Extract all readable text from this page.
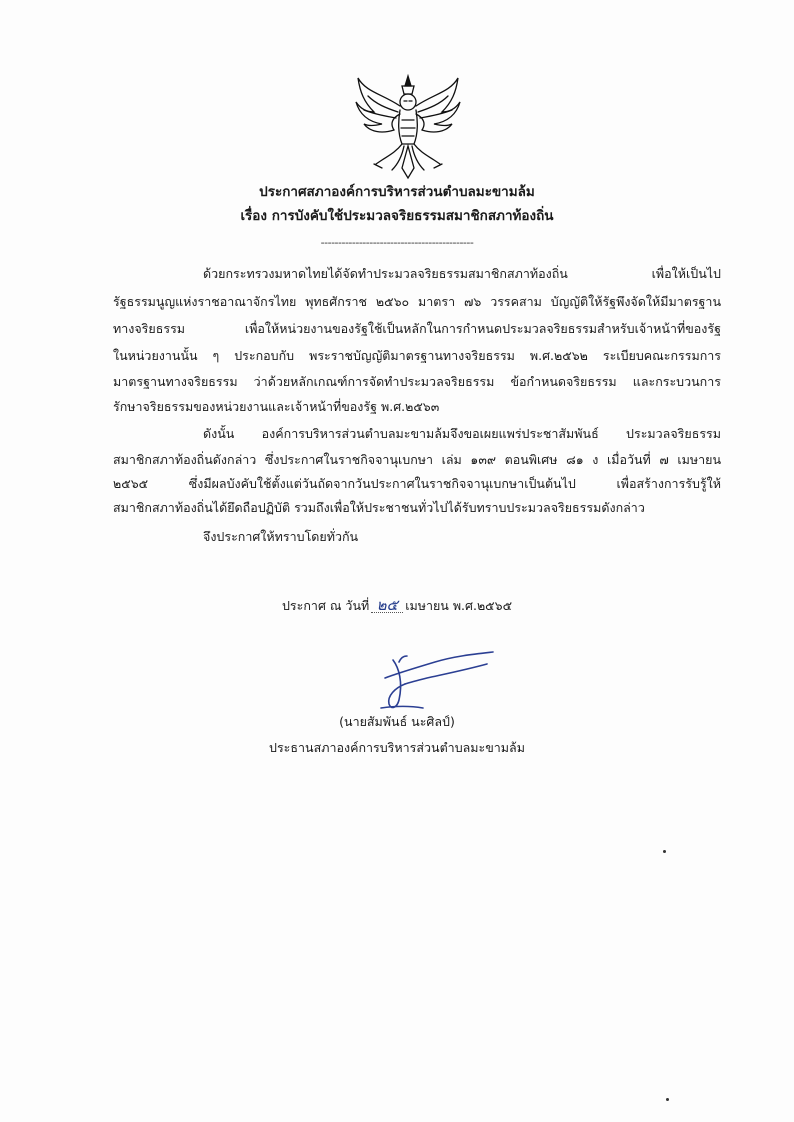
ประกาศสภาองค์การบริหารส่วนตำบลมะขามล้ม
เรื่อง การบังคับใช้ประมวลจริยธรรมสมาชิกสภาท้องถิ่น
--------------------------------------------
ด้วยกระทรวงมหาดไทยได้จัดทำประมวลจริยธรรมสมาชิกสภาท้องถิ่น เพื่อให้เป็นไป
รัฐธรรมนูญแห่งราชอาณาจักรไทย พุทธศักราช ๒๕๖๐ มาตรา ๗๖ วรรคสาม บัญญัติให้รัฐพึงจัดให้มีมาตรฐาน
ทางจริยธรรม เพื่อให้หน่วยงานของรัฐใช้เป็นหลักในการกำหนดประมวลจริยธรรมสำหรับเจ้าหน้าที่ของรัฐ
ในหน่วยงานนั้น ๆ ประกอบกับ พระราชบัญญัติมาตรฐานทางจริยธรรม พ.ศ.๒๕๖๒ ระเบียบคณะกรรมการ
มาตรฐานทางจริยธรรม ว่าด้วยหลักเกณฑ์การจัดทำประมวลจริยธรรม ข้อกำหนดจริยธรรม และกระบวนการ
รักษาจริยธรรมของหน่วยงานและเจ้าหน้าที่ของรัฐ พ.ศ.๒๕๖๓
ดังนั้น องค์การบริหารส่วนตำบลมะขามล้มจึงขอเผยแพร่ประชาสัมพันธ์ ประมวลจริยธรรม
สมาชิกสภาท้องถิ่นดังกล่าว ซึ่งประกาศในราชกิจจานุเบกษา เล่ม ๑๓๙ ตอนพิเศษ ๘๑ ง เมื่อวันที่ ๗ เมษายน
๒๕๖๕ ซึ่งมีผลบังคับใช้ตั้งแต่วันถัดจากวันประกาศในราชกิจจานุเบกษาเป็นต้นไป เพื่อสร้างการรับรู้ให้
สมาชิกสภาท้องถิ่นได้ยึดถือปฏิบัติ รวมถึงเพื่อให้ประชาชนทั่วไปได้รับทราบประมวลจริยธรรมดังกล่าว
จึงประกาศให้ทราบโดยทั่วกัน
ประกาศ ณ วันที่ ๒๕ เมษายน พ.ศ.๒๕๖๕
(นายสัมพันธ์ นะศิลป์)
ประธานสภาองค์การบริหารส่วนตำบลมะขามล้ม
